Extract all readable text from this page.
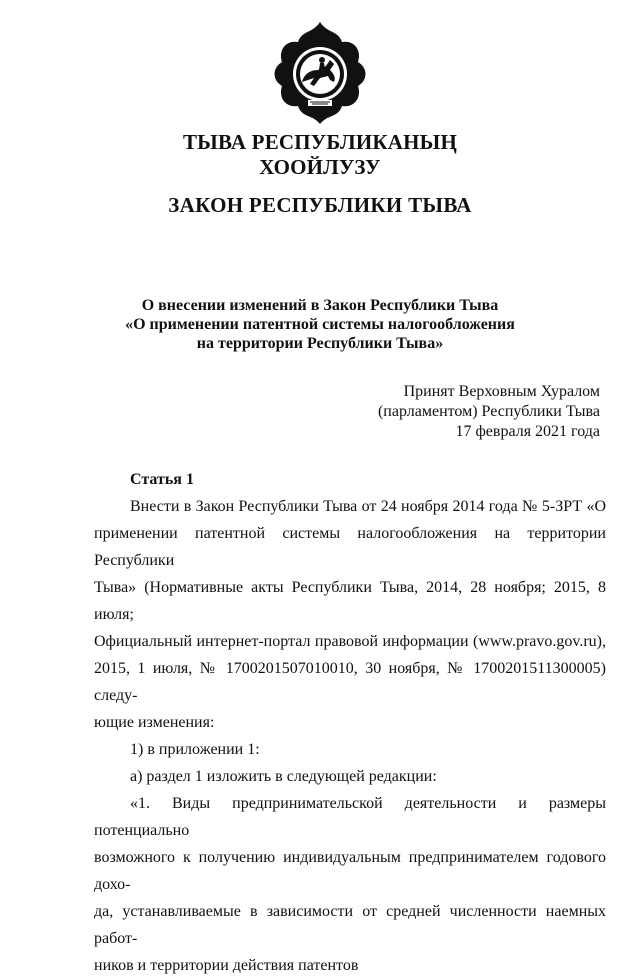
ТЫВА РЕСПУБЛИКАНЫҢ
ХООЙЛУЗУ
ЗАКОН РЕСПУБЛИКИ ТЫВА
О внесении изменений в Закон Республики Тыва
«О применении патентной системы налогообложения
на территории Республики Тыва»
Принят Верховным Хуралом
(парламентом) Республики Тыва
17 февраля 2021 года
Статья 1
Внести в Закон Республики Тыва от 24 ноября 2014 года № 5-ЗРТ «О
применении патентной системы налогообложения на территории Республики
Тыва» (Нормативные акты Республики Тыва, 2014, 28 ноября; 2015, 8 июля;
Официальный интернет-портал правовой информации (www.pravo.gov.ru),
2015, 1 июля, № 1700201507010010, 30 ноября, № 1700201511300005) следу-
ющие изменения:
1) в приложении 1:
а) раздел 1 изложить в следующей редакции:
«1. Виды предпринимательской деятельности и размеры потенциально
возможного к получению индивидуальным предпринимателем годового дохо-
да, устанавливаемые в зависимости от средней численности наемных работ-
ников и территории действия патентов
